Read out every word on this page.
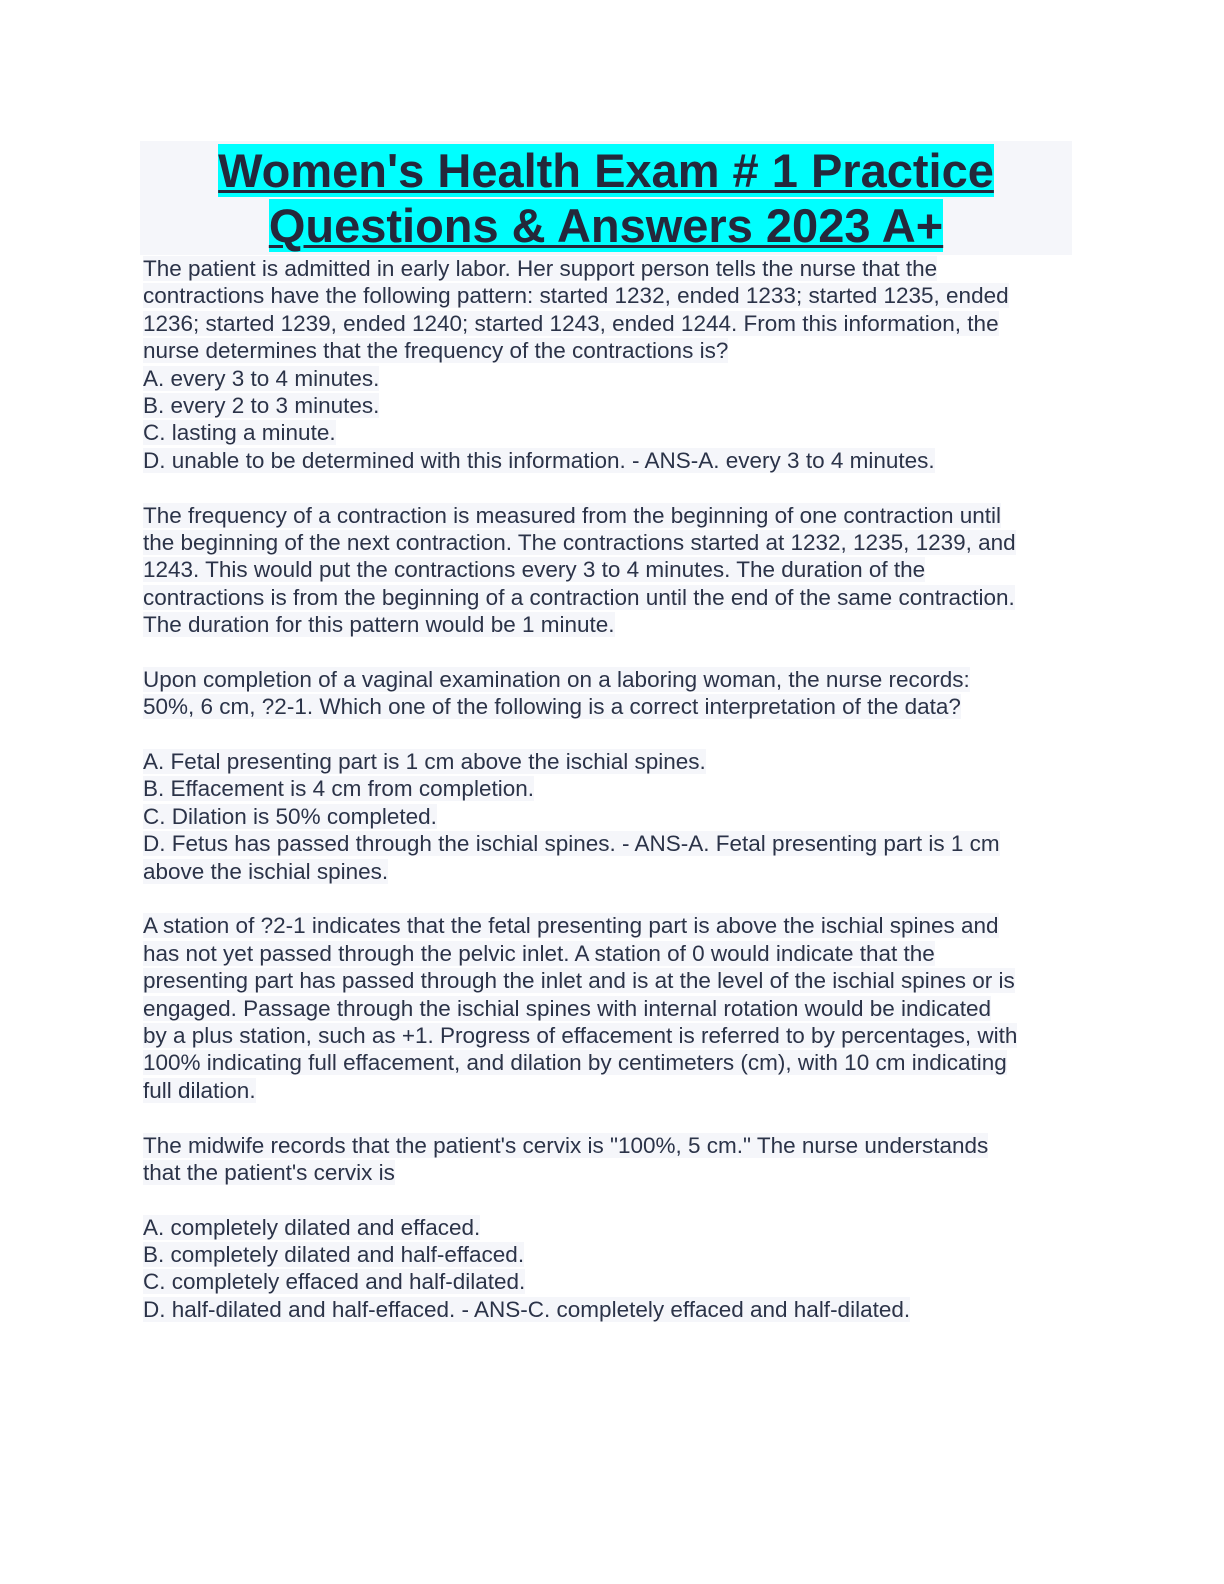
Women's Health Exam # 1 Practice
Questions & Answers 2023 A+
The patient is admitted in early labor. Her support person tells the nurse that the
contractions have the following pattern: started 1232, ended 1233; started 1235, ended
1236; started 1239, ended 1240; started 1243, ended 1244. From this information, the
nurse determines that the frequency of the contractions is?
A. every 3 to 4 minutes.
B. every 2 to 3 minutes.
C. lasting a minute.
D. unable to be determined with this information. - ANS-A. every 3 to 4 minutes.
The frequency of a contraction is measured from the beginning of one contraction until
the beginning of the next contraction. The contractions started at 1232, 1235, 1239, and
1243. This would put the contractions every 3 to 4 minutes. The duration of the
contractions is from the beginning of a contraction until the end of the same contraction.
The duration for this pattern would be 1 minute.
Upon completion of a vaginal examination on a laboring woman, the nurse records:
50%, 6 cm, ?2-1. Which one of the following is a correct interpretation of the data?
A. Fetal presenting part is 1 cm above the ischial spines.
B. Effacement is 4 cm from completion.
C. Dilation is 50% completed.
D. Fetus has passed through the ischial spines. - ANS-A. Fetal presenting part is 1 cm
above the ischial spines.
A station of ?2-1 indicates that the fetal presenting part is above the ischial spines and
has not yet passed through the pelvic inlet. A station of 0 would indicate that the
presenting part has passed through the inlet and is at the level of the ischial spines or is
engaged. Passage through the ischial spines with internal rotation would be indicated
by a plus station, such as +1. Progress of effacement is referred to by percentages, with
100% indicating full effacement, and dilation by centimeters (cm), with 10 cm indicating
full dilation.
The midwife records that the patient's cervix is "100%, 5 cm." The nurse understands
that the patient's cervix is
A. completely dilated and effaced.
B. completely dilated and half-effaced.
C. completely effaced and half-dilated.
D. half-dilated and half-effaced. - ANS-C. completely effaced and half-dilated.
